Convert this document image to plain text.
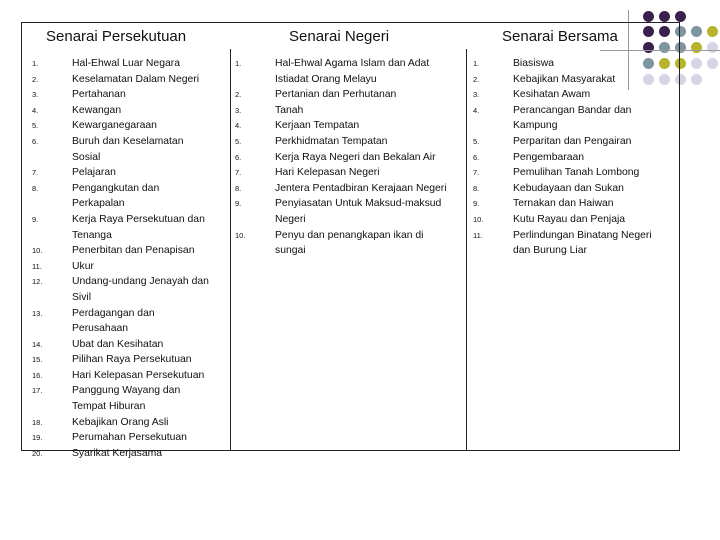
Senarai Persekutuan	Senarai Negeri	Senarai Bersama
1.	Hal-Ehwal Luar Negara
2.	Keselamatan Dalam Negeri
3.	Pertahanan
4.	Kewangan
5.	Kewarganegaraan
6.	Buruh dan Keselamatan Sosial
7.	Pelajaran
8.	Pengangkutan dan Perkapalan
9.	Kerja Raya Persekutuan dan Tenanga
10.	Penerbitan dan Penapisan
11.	Ukur
12.	Undang-undang Jenayah dan Sivil
13.	Perdagangan dan Perusahaan
14.	Ubat dan Kesihatan
15.	Pilihan Raya Persekutuan
16.	Hari Kelepasan Persekutuan
17.	Panggung Wayang dan Tempat Hiburan
18.	Kebajikan Orang Asli
19.	Perumahan Persekutuan
20.	Syarikat Kerjasama
1.	Hal-Ehwal Agama Islam dan Adat Istiadat Orang Melayu
2.	Pertanian dan Perhutanan
3.	Tanah
4.	Kerjaan Tempatan
5.	Perkhidmatan Tempatan
6.	Kerja Raya Negeri dan Bekalan Air
7.	Hari Kelepasan Negeri
8.	Jentera Pentadbiran Kerajaan Negeri
9.	Penyiasatan Untuk Maksud-maksud Negeri
10.	Penyu dan penangkapan ikan di sungai
1.	Biasiswa
2.	Kebajikan Masyarakat
3.	Kesihatan Awam
4.	Perancangan Bandar dan Kampung
5.	Perparitan dan Pengairan
6.	Pengembaraan
7.	Pemulihan Tanah Lombong
8.	Kebudayaan dan Sukan
9.	Ternakan dan Haiwan
10.	Kutu Rayau dan Penjaja
11.	Perlindungan Binatang Negeri dan Burung Liar
